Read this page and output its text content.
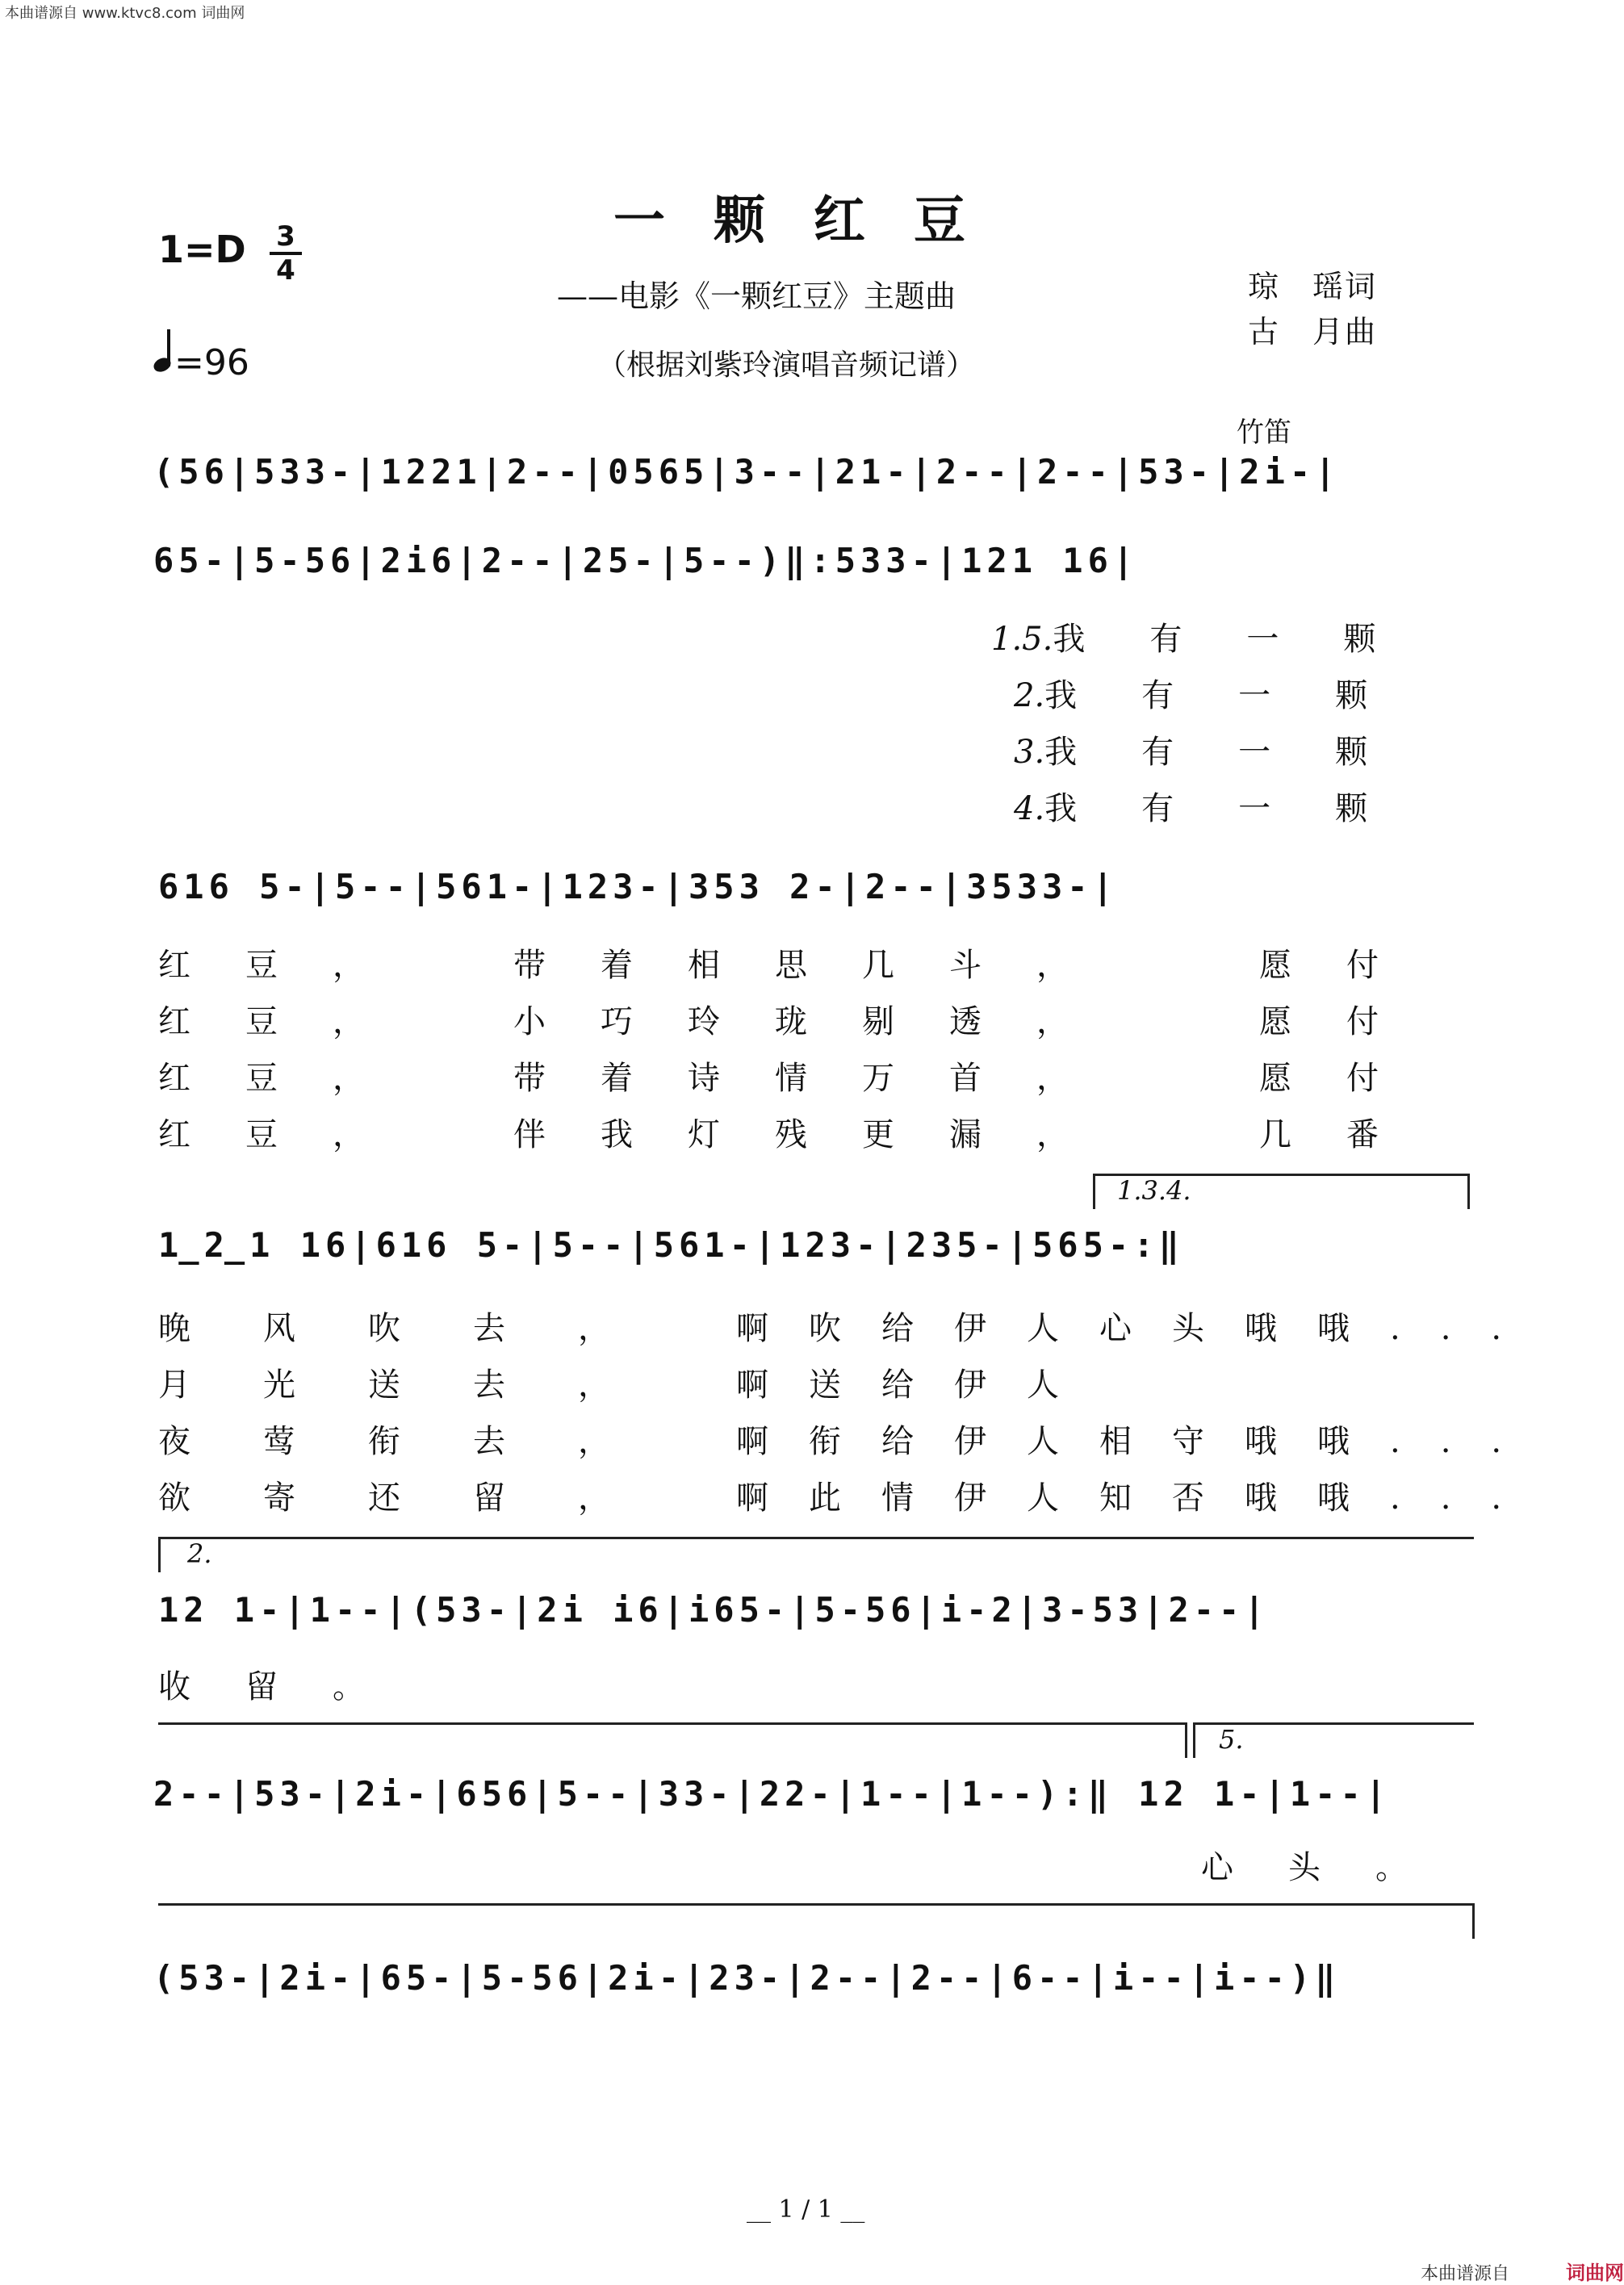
本曲谱源自 www.ktvc8.com 词曲网
一颗红豆
——电影《一颗红豆》主题曲
（根据刘紫玲演唱音频记谱）
琼　瑶词
古　月曲
1=D 3
4
=96
竹笛
(56|533-|1221|2--|0565|3--|21-|2--|2--|53-|2i-|
65-|5-56|2i6|2--|25-|5--)‖:533-|121 16|
1.5.我有一颗
2.我有一颗
3.我有一颗
4.我有一颗
616 5-|5--|561-|123-|353 2-|2--|3533-|
红豆，	带着相思几斗，	愿付
红豆，	小巧玲珑剔透，	愿付
红豆，	带着诗情万首，	愿付
红豆，	伴我灯残更漏，	几番
1.3.4.
1̲2̲1 16|616 5-|5--|561-|123-|235-|565-:‖
晚风吹去， 啊吹给伊人心头哦哦...
月光送去， 啊送给伊人
夜莺衔去， 啊衔给伊人相守哦哦...
欲寄还留， 啊此情伊人知否哦哦...
2.
12 1-|1--|(53-|2i i6|i65-|5-56|i-2|3-53|2--|
收留。
5.
2--|53-|2i-|656|5--|33-|22-|1--|1--):‖ 12 1-|1--|
心头。
(53-|2i-|65-|5-56|2i-|23-|2--|2--|6--|i--|i--)‖
__ 1 / 1 __
本曲谱源自	词曲网
